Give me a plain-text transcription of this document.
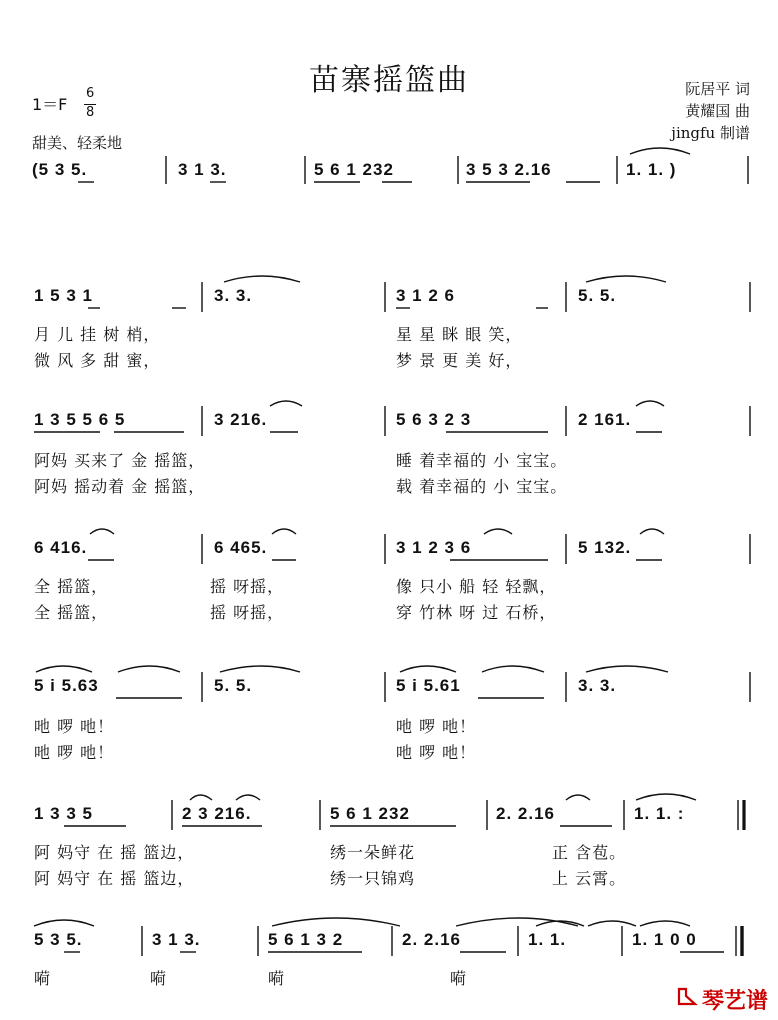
苗寨摇篮曲
1＝F
6
8
甜美、轻柔地
阮居平 词
黄耀国 曲
jingfu 制谱
(5 3 5.	3 1 3.	5 6 1 232	3 5 3 2.16	1. 1. )
1 5 3 1	3. 3.	3 1 2 6	5. 5.
月 儿 挂 树 梢，	星 星 眯 眼 笑，
微 风 多 甜 蜜，	梦 景 更 美 好，
1 3 5 5 6 5	3 216.	5 6 3 2 3	2 161.
阿妈 买来了 金 摇篮，	睡 着幸福的 小 宝宝。
阿妈 摇动着 金 摇篮，	载 着幸福的 小 宝宝。
6 416.	6 465.	3 1 2 3 6	5 132.
全 摇篮，	摇 呀摇，	像 只小 船 轻 轻飘，
全 摇篮，	摇 呀摇，	穿 竹林 呀 过 石桥，
5 i 5.63	5. 5.	5 i 5.61	3. 3.
吔 啰 吔！	吔 啰 吔！
吔 啰 吔！	吔 啰 吔！
1 3 3 5	2 3 216.	5 6 1 232	2. 2.16	1. 1. :
阿 妈守 在 摇 篮边，	绣一朵鲜花	正 含苞。
阿 妈守 在 摇 篮边，	绣一只锦鸡	上 云霄。
5 3 5.	3 1 3.	5 6 1 3 2	2. 2.16	1. 1.	1. 1 0 0
嗬	嗬	嗬	嗬
琴艺谱
